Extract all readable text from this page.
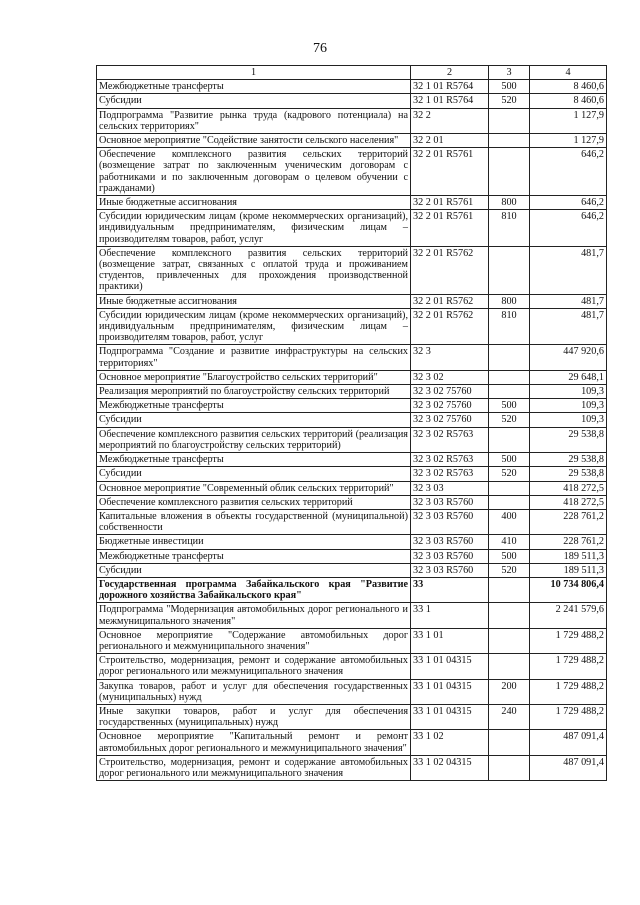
76
1	2	3	4
Межбюджетные трансферты	32 1 01 R5764	500	8 460,6
Субсидии	32 1 01 R5764	520	8 460,6
Подпрограмма "Развитие рынка труда (кадрового потенциала) на сельских территориях"	32 2		1 127,9
Основное мероприятие "Содействие занятости сельского населения"	32 2 01		1 127,9
Обеспечение комплексного развития сельских территорий (возмещение затрат по заключенным ученическим договорам с работниками и по заключенным договорам о целевом обучении с гражданами)	32 2 01 R5761		646,2
Иные бюджетные ассигнования	32 2 01 R5761	800	646,2
Субсидии юридическим лицам (кроме некоммерческих организаций), индивидуальным предпринимателям, физическим лицам – производителям товаров, работ, услуг	32 2 01 R5761	810	646,2
Обеспечение комплексного развития сельских территорий (возмещение затрат, связанных с оплатой труда и проживанием студентов, привлеченных для прохождения производственной практики)	32 2 01 R5762		481,7
Иные бюджетные ассигнования	32 2 01 R5762	800	481,7
Субсидии юридическим лицам (кроме некоммерческих организаций), индивидуальным предпринимателям, физическим лицам – производителям товаров, работ, услуг	32 2 01 R5762	810	481,7
Подпрограмма "Создание и развитие инфраструктуры на сельских территориях"	32 3		447 920,6
Основное мероприятие "Благоустройство сельских территорий"	32 3 02		29 648,1
Реализация мероприятий по благоустройству сельских территорий	32 3 02 75760		109,3
Межбюджетные трансферты	32 3 02 75760	500	109,3
Субсидии	32 3 02 75760	520	109,3
Обеспечение комплексного развития сельских территорий (реализация мероприятий по благоустройству сельских территорий)	32 3 02 R5763		29 538,8
Межбюджетные трансферты	32 3 02 R5763	500	29 538,8
Субсидии	32 3 02 R5763	520	29 538,8
Основное мероприятие "Современный облик сельских территорий"	32 3 03		418 272,5
Обеспечение комплексного развития сельских территорий	32 3 03 R5760		418 272,5
Капитальные вложения в объекты государственной (муниципальной) собственности	32 3 03 R5760	400	228 761,2
Бюджетные инвестиции	32 3 03 R5760	410	228 761,2
Межбюджетные трансферты	32 3 03 R5760	500	189 511,3
Субсидии	32 3 03 R5760	520	189 511,3
Государственная программа Забайкальского края "Развитие дорожного хозяйства Забайкальского края"	33		10 734 806,4
Подпрограмма "Модернизация автомобильных дорог регионального и межмуниципального значения"	33 1		2 241 579,6
Основное мероприятие "Содержание автомобильных дорог регионального и межмуниципального значения"	33 1 01		1 729 488,2
Строительство, модернизация, ремонт и содержание автомобильных дорог регионального или межмуниципального значения	33 1 01 04315		1 729 488,2
Закупка товаров, работ и услуг для обеспечения государственных (муниципальных) нужд	33 1 01 04315	200	1 729 488,2
Иные закупки товаров, работ и услуг для обеспечения государственных (муниципальных) нужд	33 1 01 04315	240	1 729 488,2
Основное мероприятие "Капитальный ремонт и ремонт автомобильных дорог регионального и межмуниципального значения"	33 1 02		487 091,4
Строительство, модернизация, ремонт и содержание автомобильных дорог регионального или межмуниципального значения	33 1 02 04315		487 091,4
